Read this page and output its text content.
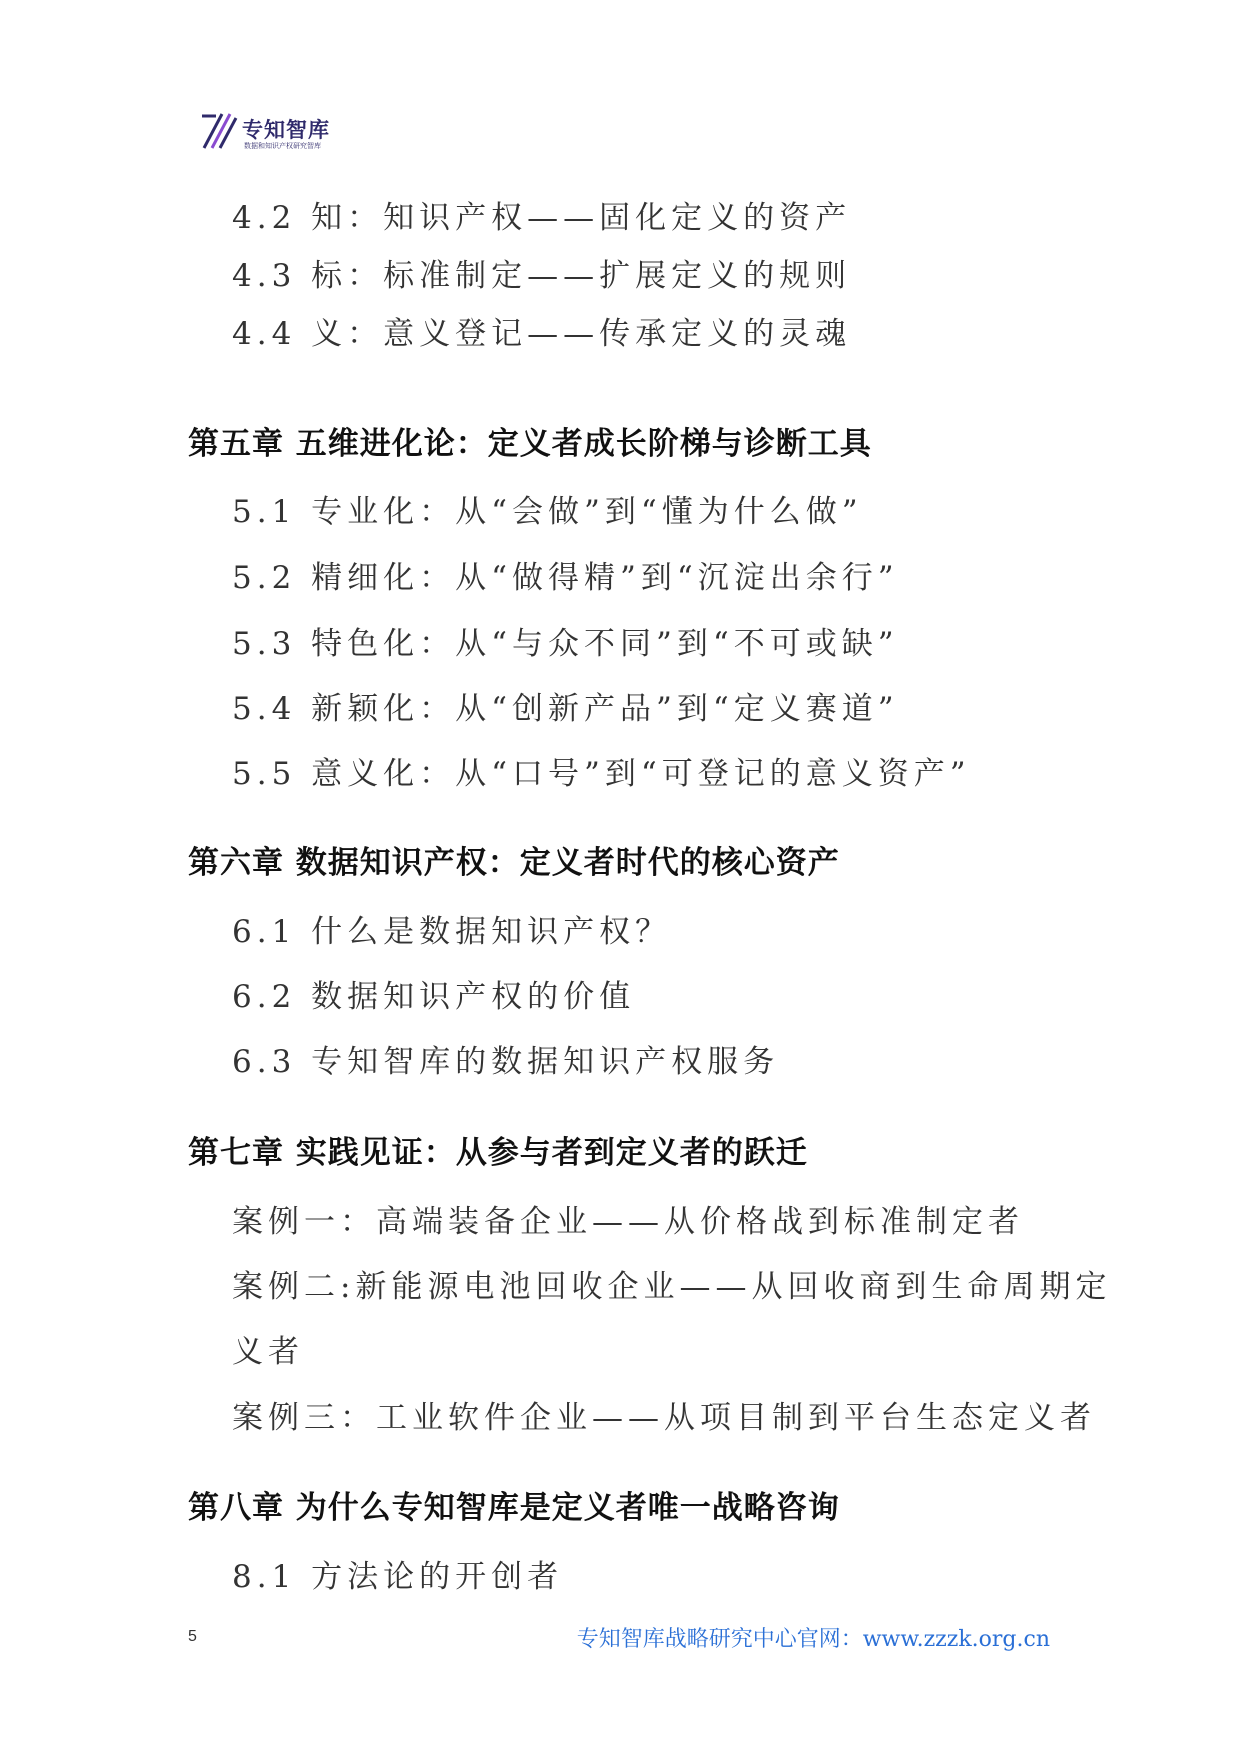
专知智库
数据和知识产权研究智库
4.2 知：知识产权——固化定义的资产
4.3 标：标准制定——扩展定义的规则
4.4 义：意义登记——传承定义的灵魂
第五章 五维进化论：定义者成长阶梯与诊断工具
5.1 专业化：从“会做”到“懂为什么做”
5.2 精细化：从“做得精”到“沉淀出余行”
5.3 特色化：从“与众不同”到“不可或缺”
5.4 新颖化：从“创新产品”到“定义赛道”
5.5 意义化：从“口号”到“可登记的意义资产”
第六章 数据知识产权：定义者时代的核心资产
6.1 什么是数据知识产权？
6.2 数据知识产权的价值
6.3 专知智库的数据知识产权服务
第七章 实践见证：从参与者到定义者的跃迁
案例一：高端装备企业——从价格战到标准制定者
案例二:新能源电池回收企业——从回收商到生命周期定
义者
案例三：工业软件企业——从项目制到平台生态定义者
第八章 为什么专知智库是定义者唯一战略咨询
8.1 方法论的开创者
5	专知智库战略研究中心官网：www.zzzk.org.cn
